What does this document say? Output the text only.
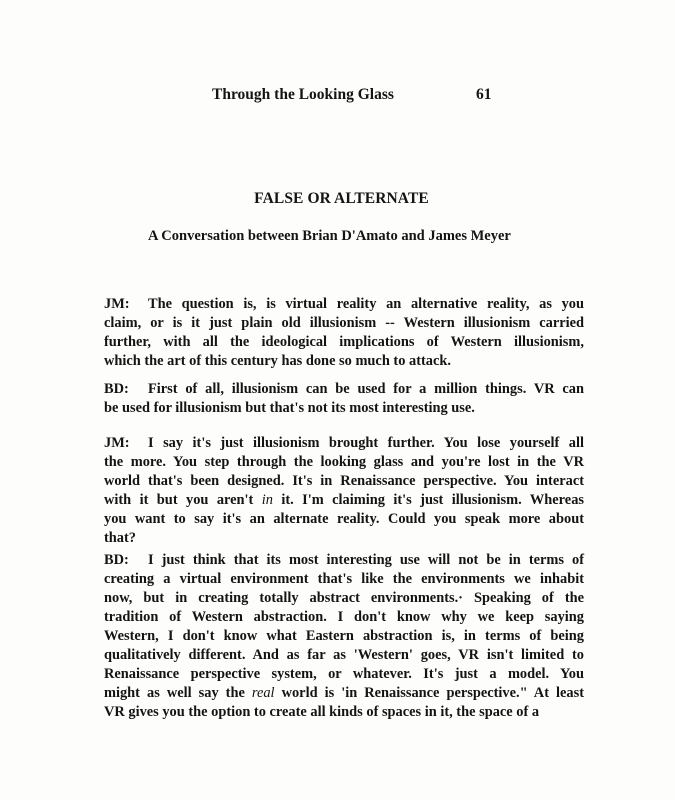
Through the Looking Glass	61
FALSE OR ALTERNATE
A Conversation between Brian D'Amato and James Meyer
JM: The question is, is virtual reality an alternative reality, as you
claim, or is it just plain old illusionism -- Western illusionism carried
further, with all the ideological implications of Western illusionism,
which the art of this century has done so much to attack.
BD: First of all, illusionism can be used for a million things. VR can
be used for illusionism but that's not its most interesting use.
JM: I say it's just illusionism brought further. You lose yourself all
the more. You step through the looking glass and you're lost in the VR
world that's been designed. It's in Renaissance perspective. You interact
with it but you aren't in it. I'm claiming it's just illusionism. Whereas
you want to say it's an alternate reality. Could you speak more about
that?
BD: I just think that its most interesting use will not be in terms of
creating a virtual environment that's like the environments we inhabit
now, but in creating totally abstract environments.· Speaking of the
tradition of Western abstraction. I don't know why we keep saying
Western, I don't know what Eastern abstraction is, in terms of being
qualitatively different. And as far as 'Western' goes, VR isn't limited to
Renaissance perspective system, or whatever. It's just a model. You
might as well say the real world is 'in Renaissance perspective." At least
VR gives you the option to create all kinds of spaces in it, the space of a
